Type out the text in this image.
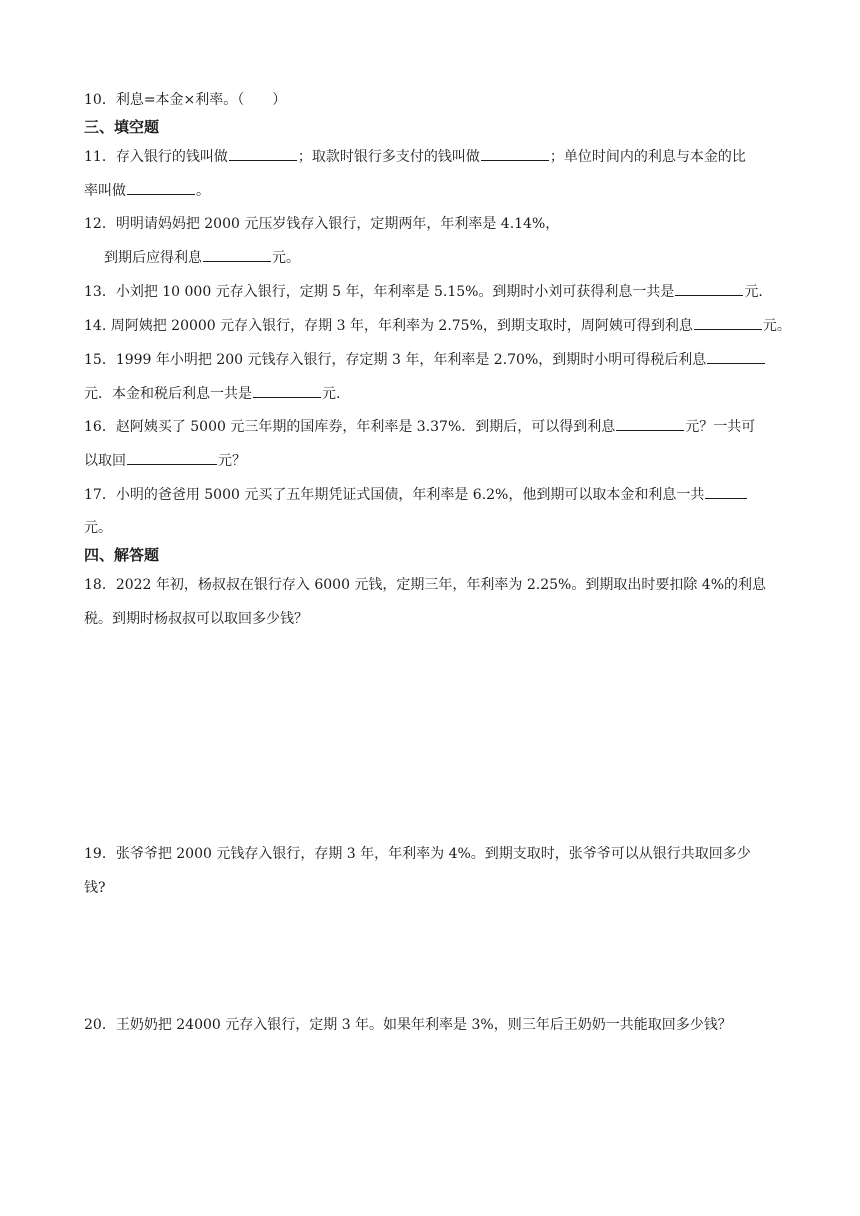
10．利息=本金×利率。（　　）
三、填空题
11．存入银行的钱叫做	；取款时银行多支付的钱叫做	；单位时间内的利息与本金的比
率叫做	。
12．明明请妈妈把 2000 元压岁钱存入银行，定期两年，年利率是 4.14%，
到期后应得利息	元。
13．小刘把 10 000 元存入银行，定期 5 年，年利率是 5.15%。到期时小刘可获得利息一共是	元.
14. 周阿姨把 20000 元存入银行，存期 3 年，年利率为 2.75%，到期支取时，周阿姨可得到利息	元。
15．1999 年小明把 200 元钱存入银行，存定期 3 年，年利率是 2.70%，到期时小明可得税后利息
元．本金和税后利息一共是	元.
16．赵阿姨买了 5000 元三年期的国库券，年利率是 3.37%．到期后，可以得到利息	元？一共可
以取回	元？
17．小明的爸爸用 5000 元买了五年期凭证式国债，年利率是 6.2%，他到期可以取本金和利息一共
元。
四、解答题
18．2022 年初，杨叔叔在银行存入 6000 元钱，定期三年，年利率为 2.25%。到期取出时要扣除 4%的利息
税。到期时杨叔叔可以取回多少钱？
19．张爷爷把 2000 元钱存入银行，存期 3 年，年利率为 4%。到期支取时，张爷爷可以从银行共取回多少
钱?
20．王奶奶把 24000 元存入银行，定期 3 年。如果年利率是 3%，则三年后王奶奶一共能取回多少钱？
